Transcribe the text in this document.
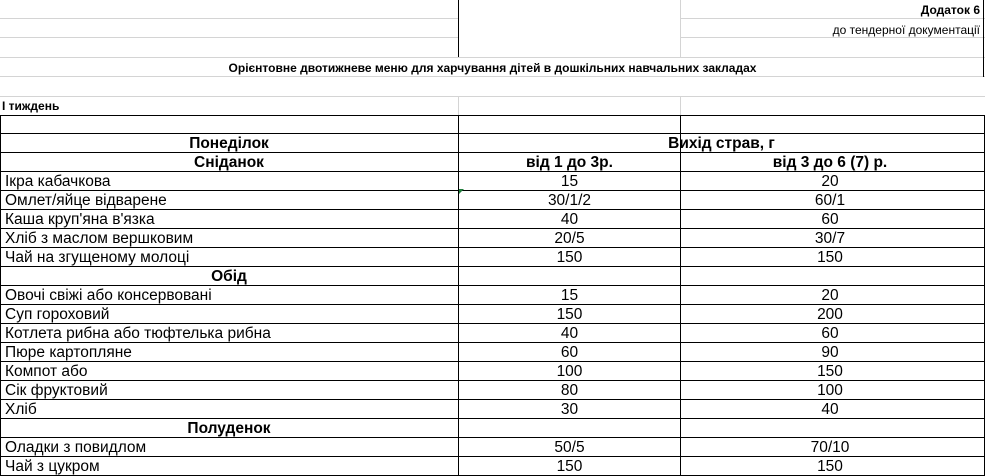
Додаток 6
до тендерної документації
Орієнтовне двотижневе меню для харчування дітей в дошкільних навчальних закладах
І тиждень
Понеділок	Вихід страв, г
Сніданок	від 1 до 3р.	від 3 до 6 (7) р.
Ікра кабачкова	15	20
Омлет/яйце відварене	30/1/2	60/1
Каша круп'яна в'язка	40	60
Хліб з маслом вершковим	20/5	30/7
Чай на згущеному молоці	150	150
Обід
Овочі свіжі або консервовані	15	20
Суп гороховий	150	200
Котлета рибна або тюфтелька рибна	40	60
Пюре картопляне	60	90
Компот або	100	150
Сік фруктовий	80	100
Хліб	30	40
Полуденок
Оладки з повидлом	50/5	70/10
Чай з цукром	150	150
